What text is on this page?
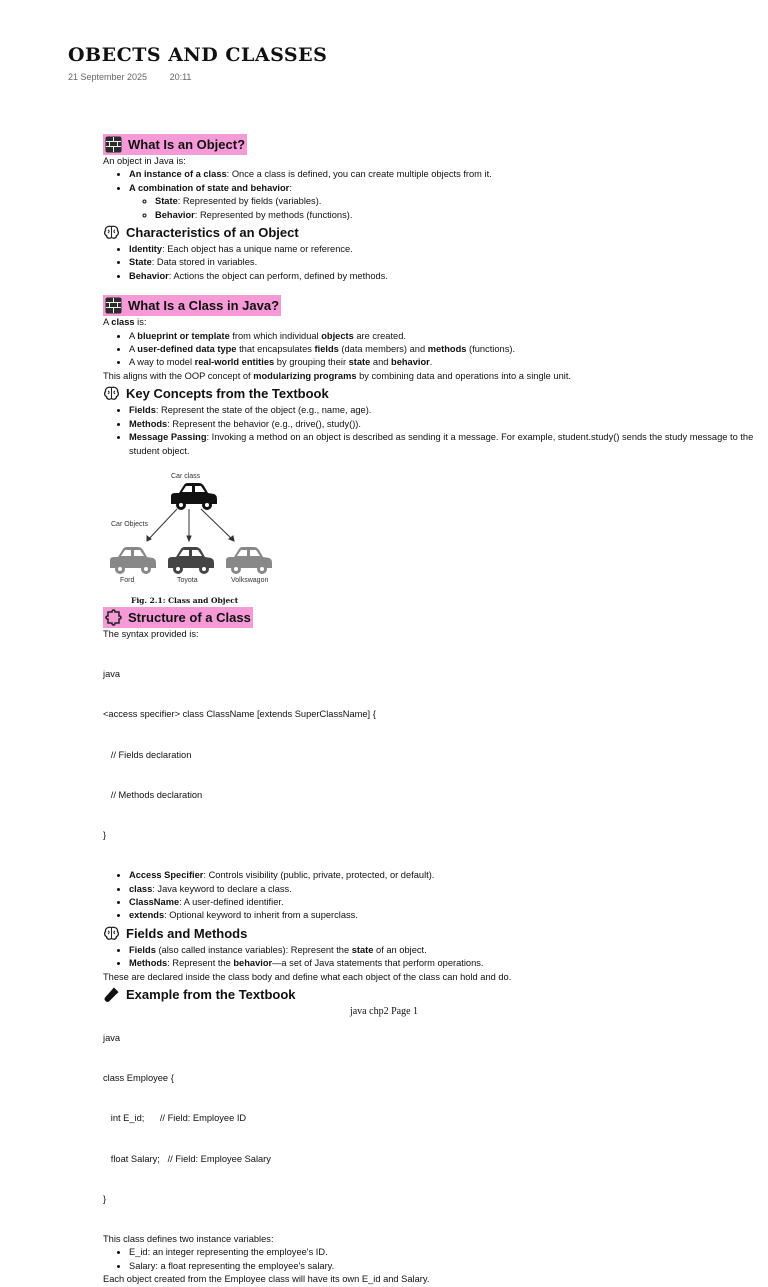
OBECTS AND CLASSES
21 September 2025	20:11
What Is an Object?

An object in Java is:

• An instance of a class: Once a class is defined, you can create multiple objects from it.
• A combination of state and behavior:
◦ State: Represented by fields (variables).
◦ Behavior: Represented by methods (functions).
Characteristics of an Object
• Identity: Each object has a unique name or reference.
• State: Data stored in variables.
• Behavior: Actions the object can perform, defined by methods.
What Is a Class in Java?

A class is:

• A blueprint or template from which individual objects are created.
• A user-defined data type that encapsulates fields (data members) and methods (functions).
• A way to model real-world entities by grouping their state and behavior.

This aligns with the OOP concept of modularizing programs by combining data and operations into a single unit.

Key Concepts from the Textbook
• Fields: Represent the state of the object (e.g., name, age).
• Methods: Represent the behavior (e.g., drive(), study()).
• Message Passing: Invoking a method on an object is described as sending it a message. For example, student.study() sends the study message to the student object.
Car class
Car Objects
Ford	Toyota	Volkswagon
Fig. 2.1: Class and Object
Structure of a Class

The syntax provided is:

java

<access specifier> class ClassName [extends SuperClassName] {

// Fields declaration

// Methods declaration

}

• Access Specifier: Controls visibility (public, private, protected, or default).
• class: Java keyword to declare a class.
• ClassName: A user-defined identifier.
• extends: Optional keyword to inherit from a superclass.
Fields and Methods
• Fields (also called instance variables): Represent the state of an object.
• Methods: Represent the behavior—a set of Java statements that perform operations.

These are declared inside the class body and define what each object of the class can hold and do.

Example from the Textbook

java

class Employee {

int E_id;      // Field: Employee ID

float Salary;   // Field: Employee Salary

}

This class defines two instance variables:

• E_id: an integer representing the employee's ID.
• Salary: a float representing the employee's salary.

Each object created from the Employee class will have its own E_id and Salary.

java chp2 Page 1
